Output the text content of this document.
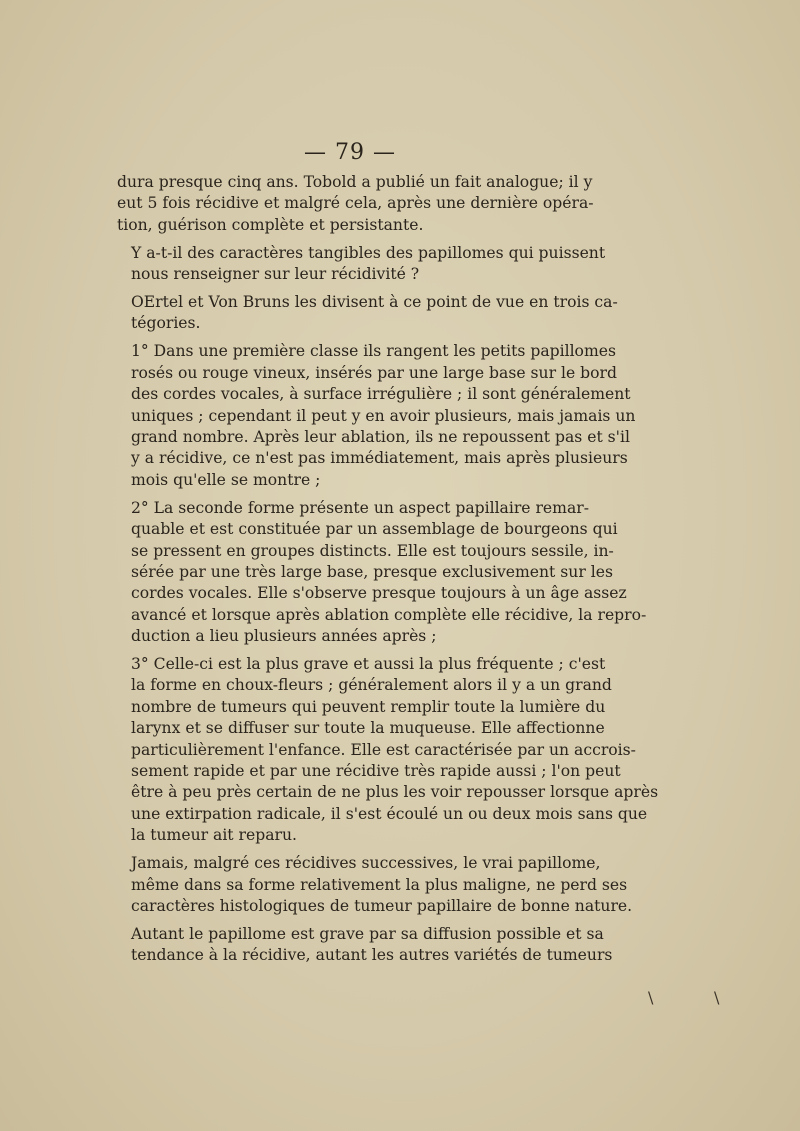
— 79 —
dura presque cinq ans. Tobold a publié un fait analogue; il y
eut 5 fois récidive et malgré cela, après une dernière opéra-
tion, guérison complète et persistante.
Y a-t-il des caractères tangibles des papillomes qui puissent
nous renseigner sur leur récidivité ?
OErtel et Von Bruns les divisent à ce point de vue en trois ca-
tégories.
1° Dans une première classe ils rangent les petits papillomes
rosés ou rouge vineux, insérés par une large base sur le bord
des cordes vocales, à surface irrégulière ; il sont généralement
uniques ; cependant il peut y en avoir plusieurs, mais jamais un
grand nombre. Après leur ablation, ils ne repoussent pas et s'il
y a récidive, ce n'est pas immédiatement, mais après plusieurs
mois qu'elle se montre ;
2° La seconde forme présente un aspect papillaire remar-
quable et est constituée par un assemblage de bourgeons qui
se pressent en groupes distincts. Elle est toujours sessile, in-
sérée par une très large base, presque exclusivement sur les
cordes vocales. Elle s'observe presque toujours à un âge assez
avancé et lorsque après ablation complète elle récidive, la repro-
duction a lieu plusieurs années après ;
3° Celle-ci est la plus grave et aussi la plus fréquente ; c'est
la forme en choux-fleurs ; généralement alors il y a un grand
nombre de tumeurs qui peuvent remplir toute la lumière du
larynx et se diffuser sur toute la muqueuse. Elle affectionne
particulièrement l'enfance. Elle est caractérisée par un accrois-
sement rapide et par une récidive très rapide aussi ; l'on peut
être à peu près certain de ne plus les voir repousser lorsque après
une extirpation radicale, il s'est écoulé un ou deux mois sans que
la tumeur ait reparu.
Jamais, malgré ces récidives successives, le vrai papillome,
même dans sa forme relativement la plus maligne, ne perd ses
caractères histologiques de tumeur papillaire de bonne nature.
Autant le papillome est grave par sa diffusion possible et sa
tendance à la récidive, autant les autres variétés de tumeurs
\	\
